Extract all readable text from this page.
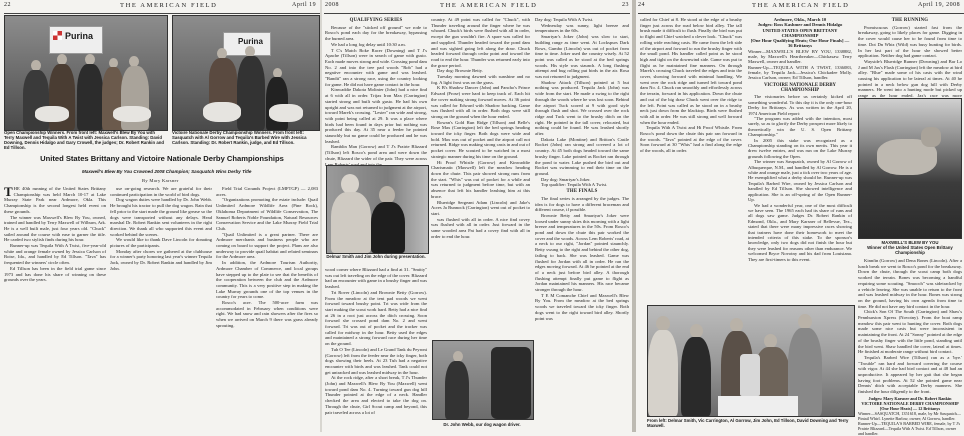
22	THE AMERICAN FIELD	April 19
Purina
Purina
Open Championship Winners. From front left: Maxwell's Blew By You with Terry Maxwell and Tequila With A Twist with Jessica Carlson. Standing: David Downing, Dennis Hidalgo and Gary Crowell, the judges; Dr. Robert Rankin and Ed Tillson.
Victoire Nationale Derby Championship Winners. From front left: Sasquatch with Al Gorrow and Tequila's Barbed Wire with Jessica Carlson. Standing: Dr. Robert Rankin, judge, and Ed Tillson.
United States Brittany and Victoire Nationale Derby Championships
Maxwell's Blew By You Crowned 2008 Champion; Sasquatch Wins Derby Title
By Mary Karsner
T HE 40th running of the United States Brittany Championship was held March 10-17 at Lake Murray State Park near Ardmore, Okla. This Championship is the second longest held event on these grounds.

The winner was Maxwell's Blew By You, owned, trained and handled by Terry Maxwell of Wilburn, Ark. He is a well built male, just four years old. "Chuck" sailed around the course with ease to garner the title. He carded two stylish finds during his hour.

Runner-up was Tequila With A Twist, five-year-old white and orange female owned by Jessica Carlson of Boise, Ida., and handled by Ed Tillson. "Tava" has frequented the winners' circle often.

Ed Tillson has been in the field trial game since 1973 and has done his share of winning on these grounds over the years.

use on-going research. We are grateful for their continued participation in the world of bird dogs.

Dog wagon duties were handled by Dr. John Webb. He brought his tractor to pull the dog wagon. Rain that fell prior to the start made the ground like grease so the dogs were transported without any delays. Head marshal Dr. Robert Rankin sent volunteers in the right direction. We thank all who supported this event and worked behind the scenes.

We would like to thank Dave Lincoln for donating pictures of the participants.

Monday after chores we gathered at the clubhouse for a winner's party honoring last year's winner Tequila Jack, owned by Dr. Robert Rankin and handled by Jim John.

Field Trial Grounds Project (LMFTGP) — 2,083 acres.

"Organizations promoting the estate include: Quail Unlimited Ardmore Wildlife Area (Pine Rock), Oklahoma Department of Wildlife Conservation, The Samuel Roberts Noble Foundation, Natural Resources Conservation Service and the Lake Murray Field Trial Club.

"Quail Unlimited is a great partner. There are Ardmore merchants and business people who are coming on board to support the project. Plans are also underway to provide quail habitat and related seminars for the Ardmore area.

In addition, the Ardmore Tourism Authority, Ardmore Chamber of Commerce, and local groups have stepped up to the plate to see that the benefits of the cooperation between the club and the Ardmore community. This is a very positive step in making the Lake Murray grounds one of the top venues in the country for years to come.

Rosco's acre. The 500-acre farm was accommodated in February when conditions were right. We had snow and rain showers after the fires so when we arrived on March 9 there was grass already sprouting.

2008	THE AMERICAN FIELD	23
QUALIFYING SERIES

Because of the "sticked off ground" we rode to Rosco's pond each day for the breakaway, bypassing the burned area.

We had a long fog delay until 10:30 a.m.

T C's Match Boke Racer (Downing) and T J's Apache (Tillson) were in search of game with gusto. Each made moves strong and wide. Crossing pond dam No. 2 and into the tree pad woods "Rob" had a negative encounter with game and was leashed. "Bandit" ran a strong race, using the country looking for game. He did not have game contact in the hour.

Kinwaddie Dakota Molinier (John) had a nice find at 6 with all in order. Trijax Iron Max (Carrington) started strong and built with gusto. He had his own upright and was not returned to judgment at the airport, toward Marek's crossing. "Lester" ran wide and strong, with point being called at 29. It was a place where birds had been found in days prior but nothing was produced this day. At 35 near a feeder he pointed staunchly but no game could be produced and he was leashed.

Ramblin Man (Gorrow) and T J's Prairie Blizzard (Tillson) left Rosco's pond area and were down the chute, Blizzard the wider of the pair. They were across

Delmar Smith and Jim John during presentation.

wood corner where Blizzard had a find at 31. "Smitty" was out left traveling on the edge of the cover. Blizzard had an encounter with game in a brushy finger and was leashed.

Tri Rover (Lincoln) and Brownie Betty (Gorrow). From the meadow at the tent pad woods we went forward toward brushy point. Tri was wide from the start making the scout work hard. Betty had a nice find at 26 in a root just across the ditch crossing. Soon forward she crossed pond dam No. 2 and went forward. Tri was out of pocket and the tracker was called for midway in the hour. Betty used the edges and maintained a strong forward race during her time on the ground.

Tuh O Tee (Lincoln) and Le Grand Tank du Peyroni (Gorrow) left from the feeder near the icky finger, both dogs showing their heels. At 23 Tuh had a negative encounter with birds and was leashed. Tank could not get untracked and was leashed midway in the hour.

At the rock ridge, after a short break, T J's Thunder (John) and Maxwell's Blew By You (Maxwell) went toward pond dam No. 4. Turning toward gun dog hill Thunder pointed at the edge of a neck. Handler checked the area and elected to take the dog on. Through the chute, Girl Scout camp and beyond, this pair traveled across a lot of

country. At 49 point was called for "Chuck", with Thunder traveling around the finger where he was whoaed. Chuck's birds were flushed with all in order, except the gun wouldn't fire. A spare was called for and supplied. Thunder headed toward the pond dam and was sighted going left along the draw. Chuck headed forward through cedar point and toward the road to end the hour. Thunder was returned early into the grace period.

Day dog: Brownie Betty.

Tuesday morning dawned with sunshine and no fog. A light frost was on the grass.

K B's Shadow Dancer (John) and Pancho's Prince Edward (Prose) were hard to keep track of. Each hit the cover making strong forward moves. At 36 point was called for Edward with Shadow backing. Game was flushed with all in order. Both dogs were still strong on the ground when the hour ended.

Rowan's Gold Run Ridge (Tillson) and Belle's Rose Max (Carrington) left the bed springs heading toward the icky finger. Both dogs were wide and bold. Max was out of pocket and the airport call not returned. Ridge was making strong casts in and out of pocket cover. He scouted to be watched in a most strategic manner during his time on the ground.

Hi Proof Whistle (Gorrow) and Kinwaddie Charismatic (Maxwell) left the meadow heading down the chute. This pair showed strong runs from the start. "Whis" was out of pocket for a while and was returned to judgment before time, but with an absence that left his handler leashing him at this brace.

Blueridge Sergeant Adam (Lincoln) and Jake's Acres Ja Bunnock (Carrington) went out of pocket to start.

was flushed with all in order. A nice find covey was flushed with all in order. Just forward in the same wooded area Pat had a covey find with all in order to end the hour.

Dr. John Webb, our dog wagon driver.

Day dog: Tequila With A Twist.

Wednesday was sunny, light breeze and temperatures in the 60s.

Smartyar's Joker (John) was slow to start, building range as time went. At Lockspurs Dark Rows, Gumbo (Lincoln) was out of pocket from time to time. Joker used the country wisely. At 52 point was called as he stood at the bed springs woods. His style was staunch. A long flushing attempt and bug rolling put birds in the air. Rosa was not returned to judgment.

Shadow Attack (Tillson) pointed at 5 but nothing was produced. Tequila Jack (John) was wide from the start. He made a swing to the right through the woods where he was lost soon. Behind the airport Tuck scored at 9 with good style through flush and shot. We crossed over the rock ridge and Tuck went to the brushy ditch on the right. He pointed in the tall cover, relocated, but nothing could be found. He was leashed shortly after.

Dakota Lake (Montine) and Britton's Castle Rocket (John) ran strong and covered a lot of country. At 45 both dogs headed toward the same brushy finger. Lake pointed as Rocket ran through the pond to water. Lake pushed the bird out and Rocket was swimming to end their time on the ground.

Day dog: Smartyar's Joker.

Top qualifier: Tequila With A Twist.

THE FINALS

The final series is arranged by the judges. The idea is for dogs to have a different braceman and different course, if possible.

Brownie Betty and Smartyar's Joker were loosed under sunny skies this morning with a light breeze and temperatures in the 50s. From Rosco's pond and down the chute this pair worked the cover and the woods. Across Lem Roberts' road, at a neck to our right, "Jordan" pointed staunchly. Betty swung to the right and behind the other dog, failing to back. She was leashed. Game was flushed for Jordan with all in order. He ran the edges moving forward. At 46 he pointed at the end of a neck just before bird alley. A thorough flushing attempt finally put game to flight as Jordan maintained his manners. His race became stronger through the hour.

T E M Comanche Chief and Maxwell's Blew By You. From the meadow at the bed springs woods we traveled toward the icky finger. Both dogs went to the right toward bird alley. Shortly point was

24	THE AMERICAN FIELD	April 19, 2008

called for Chief at 8. He stood at the edge of a brushy finger just across the road below bird alley. The tall brush made it difficult to flush. Finally the bird was put to flight and Chief watched a clever look. "Chuck" was rolling wide reaching casts. He came from the left side of the airport and forward to run the brushy finger with the small pond. His handler called point as he stood high and tight on the downwind side. Game was put to flight as he maintained fine manners. On through Marek's crossing Chuck traveled the edges and into the cover, showing forward with minimal handling. We went over the rock ridge and turned left toward pond dam No. 4. Chuck ran smoothly and effortlessly across the terrain, forward in his application. Down the chute and out of the big draw Chuck went over the ridge to the left. Point was called as he stood on in a brushy neck just down from the blacktop. Birds were flushed with all in order. He was still strong and well forward when the hour ended.

Tequila With A Twist and Hi Proof Whistle. From Rosco's pond down the chute this pair ran forward in the woods. "Tava" pointed at the edge of the cover. Soon forward at 30 "Whis" had a find along the edge of the woods, all in order.

Ardmore, Okla., March 10
Judges: Ross Kashmer and Dennis Hidalgo
UNITED STATES OPEN BRITTANY CHAMPIONSHIP
[One Hour Qualifying Heats; One Hour Finals] — 36 Brittanys
Winner—MAXWELL'S BLEW BY YOU, 1338882, male, by Maxwell's Heartbreaker—Chickasaw. Terry Maxwell, owner and handler.
Runner-Up—TEQUILA WITH A TWIST, 1336083, female, by Tequila Jack—Jessica's Chickadee Molly. Jessica Carlson, owner; Ed Tillson, handler.
VICTOIRE NATIONALE DERBY CHAMPIONSHIP

The visionaries before us certainly kicked off something wonderful. To this day it is the only one-hour Derby for Brittanys. As was written in the April 20, 1974 American Field report:

"The program was added with the intention, most surely, so as to glorify the Derby prospect more likely to theoretically win the U. S. Open Brittany Championship."

In 2005 this stake was recognized as a Championship standing on its own merits. This year it drew twelve entries, and was run on the Lake Murray grounds following the Open.

The winner was Sasquatch, owned by Al Gorrow of Albuquerque, N.M., and handled by Al Gorrow. He is a white and orange male, just a tick over two years of age. He exemplified what a derby should be. Runner-up was Tequila's Barbed Wire, owned by Jessica Carlson and handled by Ed Tillson. She showed intelligence and application. She is an off-spring of the Open Runner-Up.

We had a wonderful year, one of the most difficult we have seen. The 1965 each had its share of runs and all dogs saw game. Judges Dr. Robert Rankin of Edmond, Okla., and Mary Karsner of Bellevue, Tex., stated that there were many impressive races showing that trainers have done their homework to meet the intended criteria of this stake. To the sponsor's knowledge, only two dogs did not finish the hour but they were leashed for reasons other than endurance. We welcomed Bryce Novotny and his dad from Louisiana. They are first-timers to this event.

From left: Delmar Smith, Vic Carrington, Al Gorrow, Jim John, Ed Tillson, David Downing and Terry Maxwell.
THE RUNNING

Promiscuous (Gorrow) started fast from the breakaway, going to likely places for game. Digging in the cover would cause her to be found from time to time. Dot Dn Whiz (Wild) was busy hunting for birds. In her last part of the hour she showed better application. Neither dog had game contact.

Wayside's Blueridge Runner (Downing) and Bar Lo J and M Jax's Flash (Carrington) left the meadow at bird alley. "Blue" made some of his casts with the wind causing his application to be lateral at times. At 40 he pointed in a neck below gun dog hill with Derby manners. He went into a hunting mode but picked up range as the hour ended. Jax's race was more

MAXWELL'S BLEW BY YOU
Winner of the United States Open Brittany
Championship

Kinnfin (Gorrow) and Dena Bones (Lincoln). After a lunch break we went to Rosco's pond for the breakaway. Down the chute, through the scout camp both dogs worked the terrain. Bones was becoming a handful requiring some scouting. "Smooch" was sidetracked by a vehicle leaving. She was unable to return to the front and was leashed midway in the hour. Bones was strong on the ground, having his own agenda from time to time. He did not have any bird contact in the hour.

Chick's Son Of The South (Carrington) and Shaw's Pennhurston Xpress (Novotny). From the boat ramp meadow this pair went to hunting the cover. Both dogs made some nice casts but were inconsistent in maintaining the front. At 24 "Sonny" pointed at the edge of the brushy finger with the little pond, standing until the bird went. Shaw handled the cover, lateral at times. He finished at moderate range without bird contact.

Tequila's Barbed Wire (Tillson) ran as a 'bye.' "Trouble" ran hard and forward covering the course with vigor. At 44 she had bird contact and at 48 had an unproductive. It appeared by her gait that she began having foot problems. At 52 she pointed game near Dennis' ditch with acceptable Derby manners. She finished the hour diligently to the front.

Judges: Mary Karsner and Dr. Robert Rankin
VICTOIRE NATIONALE DERBY CHAMPIONSHIP
[One Hour Heats] — 12 Brittanys
Winner—SASQUATCH, 1351618, male, by Mr Sasquatch—Pintail Whirl. Lynette Barlow, owner; Al Gorrow, handler.
Runner-Up—TEQUILA'S BARBED WIRE, female, by T J's Prairie Blizzard—Tequila With A Twist. Ed Tillson, owner and handler.
